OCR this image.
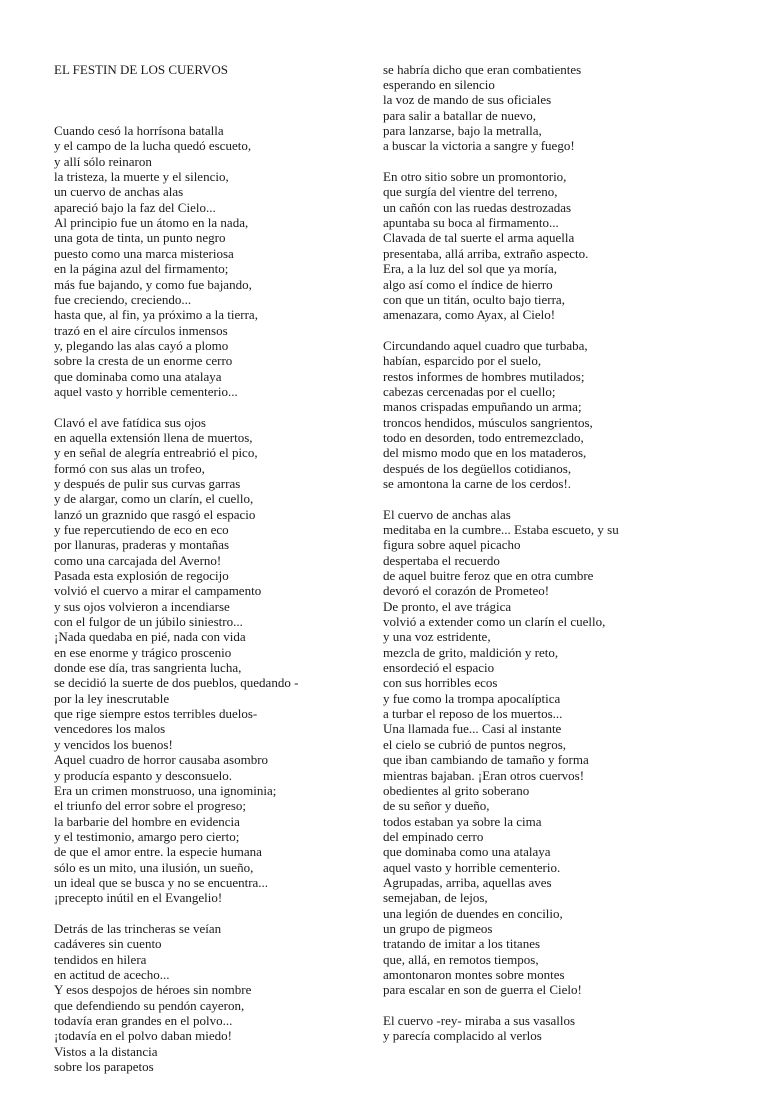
EL FESTIN DE LOS CUERVOS

Cuando cesó la horrísona batalla
y el campo de la lucha quedó escueto,
y allí sólo reinaron
la tristeza, la muerte y el silencio,
un cuervo de anchas alas
apareció bajo la faz del Cielo...
Al principio fue un átomo en la nada,
una gota de tinta, un punto negro
puesto como una marca misteriosa
en la página azul del firmamento;
más fue bajando, y como fue bajando,
fue creciendo, creciendo...
hasta que, al fin, ya próximo a la tierra,
trazó en el aire círculos inmensos
y, plegando las alas cayó a plomo
sobre la cresta de un enorme cerro
que dominaba como una atalaya
aquel vasto y horrible cementerio...
Clavó el ave fatídica sus ojos
en aquella extensión llena de muertos,
y en señal de alegría entreabrió el pico,
formó con sus alas un trofeo,
y después de pulir sus curvas garras
y de alargar, como un clarín, el cuello,
lanzó un graznido que rasgó el espacio
y fue repercutiendo de eco en eco
por llanuras, praderas y montañas
como una carcajada del Averno!
Pasada esta explosión de regocijo
volvió el cuervo a mirar el campamento
y sus ojos volvieron a incendiarse
con el fulgor de un júbilo siniestro...
¡Nada quedaba en pié, nada con vida
en ese enorme y trágico proscenio
donde ese día, tras sangrienta lucha,
se decidió la suerte de dos pueblos, quedando -
por la ley inescrutable
que rige siempre estos terribles duelos-
vencedores los malos
y vencidos los buenos!
Aquel cuadro de horror causaba asombro
y producía espanto y desconsuelo.
Era un crimen monstruoso, una ignominia;
el triunfo del error sobre el progreso;
la barbarie del hombre en evidencia
y el testimonio, amargo pero cierto;
de que el amor entre. la especie humana
sólo es un mito, una ilusión, un sueño,
un ideal que se busca y no se encuentra...
¡precepto inútil en el Evangelio!
Detrás de las trincheras se veían
cadáveres sin cuento
tendidos en hilera
en actitud de acecho...
Y esos despojos de héroes sin nombre
que defendiendo su pendón cayeron,
todavía eran grandes en el polvo...
¡todavía en el polvo daban miedo!
Vistos a la distancia
sobre los parapetos

se habría dicho que eran combatientes
esperando en silencio
la voz de mando de sus oficiales
para salir a batallar de nuevo,
para lanzarse, bajo la metralla,
a buscar la victoria a sangre y fuego!
En otro sitio sobre un promontorio,
que surgía del vientre del terreno,
un cañón con las ruedas destrozadas
apuntaba su boca al firmamento...
Clavada de tal suerte el arma aquella
presentaba, allá arriba, extraño aspecto.
Era, a la luz del sol que ya moría,
algo así como el índice de hierro
con que un titán, oculto bajo tierra,
amenazara, como Ayax, al Cielo!
Circundando aquel cuadro que turbaba,
habían, esparcido por el suelo,
restos informes de hombres mutilados;
cabezas cercenadas por el cuello;
manos crispadas empuñando un arma;
troncos hendidos, músculos sangrientos,
todo en desorden, todo entremezclado,
del mismo modo que en los mataderos,
después de los degüellos cotidianos,
se amontona la carne de los cerdos!.
El cuervo de anchas alas
meditaba en la cumbre... Estaba escueto, y su
figura sobre aquel picacho
despertaba el recuerdo
de aquel buitre feroz que en otra cumbre
devoró el corazón de Prometeo!
De pronto, el ave trágica
volvió a extender como un clarín el cuello,
y una voz estridente,
mezcla de grito, maldición y reto,
ensordeció el espacio
con sus horribles ecos
y fue como la trompa apocalíptica
a turbar el reposo de los muertos...
Una llamada fue... Casi al instante
el cielo se cubrió de puntos negros,
que iban cambiando de tamaño y forma
mientras bajaban. ¡Eran otros cuervos!
obedientes al grito soberano
de su señor y dueño,
todos estaban ya sobre la cima
del empinado cerro
que dominaba como una atalaya
aquel vasto y horrible cementerio.
Agrupadas, arriba, aquellas aves
semejaban, de lejos,
una legión de duendes en concilio,
un grupo de pigmeos
tratando de imitar a los titanes
que, allá, en remotos tiempos,
amontonaron montes sobre montes
para escalar en son de guerra el Cielo!
El cuervo -rey- miraba a sus vasallos
y parecía complacido al verlos
